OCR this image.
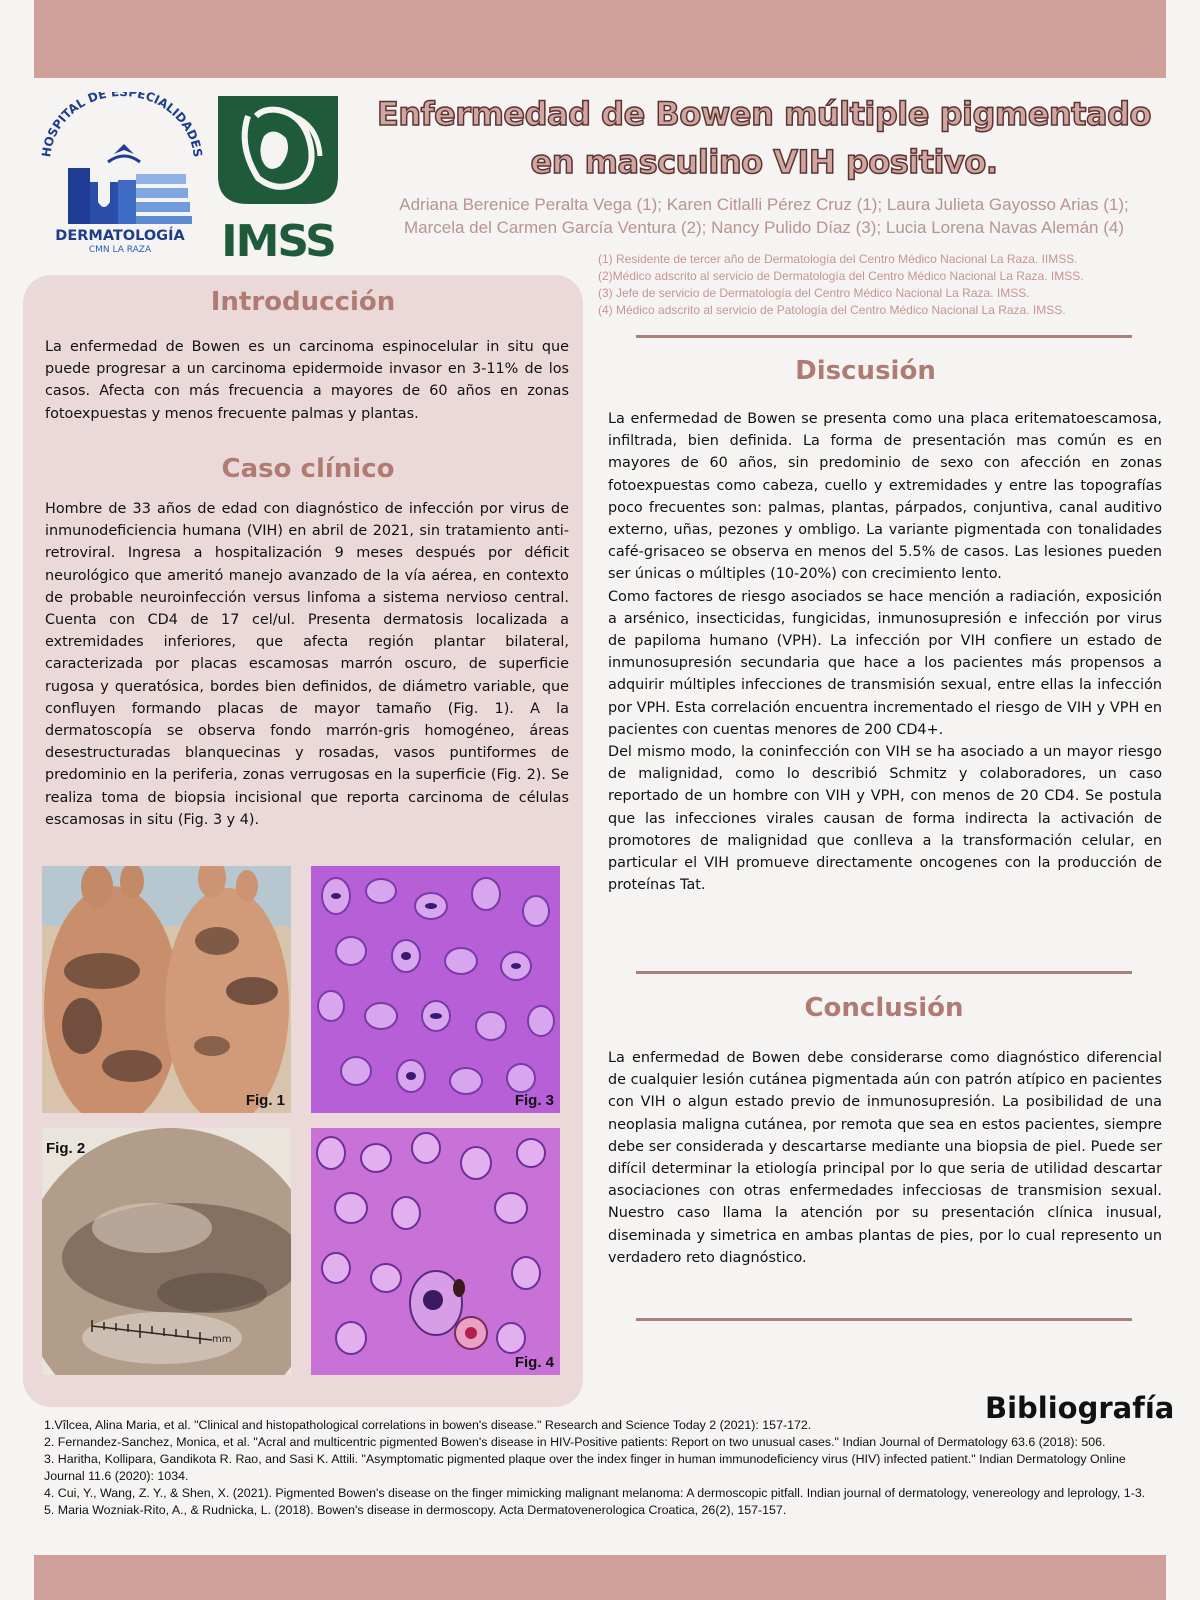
HOSPITAL DE ESPECIALIDADE
DERMATOLOGÍA
CMN LA RAZA IMSS
Enfermedad de Bowen múltiple pigmentado
en masculino VIH positivo.
Adriana Berenice Peralta Vega (1); Karen Citlalli Pérez Cruz (1); Laura Julieta Gayosso Arias (1);
Marcela del Carmen García Ventura (2); Nancy Pulido Díaz (3); Lucia Lorena Navas Alemán (4)
(1) Residente de tercer año de Dermatología del Centro Médico Nacional La Raza. IIMSS.
(2)Médico adscrito al servicio de Dermatología del Centro Médico Nacional La Raza. IMSS.
(3) Jefe de servicio de Dermatología del Centro Médico Nacional La Raza. IMSS.
(4) Médico adscrito al servicio de Patología del Centro Médico Nacional La Raza. IMSS.
Introducción

La enfermedad de Bowen es un carcinoma espinocelular in situ que puede progresar a un carcinoma epidermoide invasor en 3-11% de los casos. Afecta con más frecuencia a mayores de 60 años en zonas fotoexpuestas y menos frecuente palmas y plantas.

Caso clínico

Hombre de 33 años de edad con diagnóstico de infección por virus de inmunodeficiencia humana (VIH) en abril de 2021, sin tratamiento anti-retroviral. Ingresa a hospitalización 9 meses después por déficit neurológico que ameritó manejo avanzado de la vía aérea, en contexto de probable neuroinfección versus linfoma a sistema nervioso central. Cuenta con CD4 de 17 cel/ul. Presenta dermatosis localizada a extremidades inferiores, que afecta región plantar bilateral, caracterizada por placas escamosas marrón oscuro, de superficie rugosa y queratósica, bordes bien definidos, de diámetro variable, que confluyen formando placas de mayor tamaño (Fig. 1). A la dermatoscopía se observa fondo marrón-gris homogéneo, áreas desestructuradas blanquecinas y rosadas, vasos puntiformes de predominio en la periferia, zonas verrugosas en la superficie (Fig. 2). Se realiza toma de biopsia incisional que reporta carcinoma de células escamosas in situ (Fig. 3 y 4).

Fig. 1	Fig. 3
mm
Fig. 2
Fig. 4
Discusión
La enfermedad de Bowen se presenta como una placa eritematoescamosa, infiltrada, bien definida. La forma de presentación mas común es en mayores de 60 años, sin predominio de sexo con afección en zonas fotoexpuestas como cabeza, cuello y extremidades y entre las topografías poco frecuentes son: palmas, plantas, párpados, conjuntiva, canal auditivo externo, uñas, pezones y ombligo. La variante pigmentada con tonalidades café-grisaceo se observa en menos del 5.5% de casos. Las lesiones pueden ser únicas o múltiples (10-20%) con crecimiento lento.
Como factores de riesgo asociados se hace mención a radiación, exposición a arsénico, insecticidas, fungicidas, inmunosupresión e infección por virus de papiloma humano (VPH). La infección por VIH confiere un estado de inmunosupresión secundaria que hace a los pacientes más propensos a adquirir múltiples infecciones de transmisión sexual, entre ellas la infección por VPH. Esta correlación encuentra incrementado el riesgo de VIH y VPH en pacientes con cuentas menores de 200 CD4+.
Del mismo modo, la coninfección con VIH se ha asociado a un mayor riesgo de malignidad, como lo describió Schmitz y colaboradores, un caso reportado de un hombre con VIH y VPH, con menos de 20 CD4. Se postula que las infecciones virales causan de forma indirecta la activación de promotores de malignidad que conlleva a la transformación celular, en particular el VIH promueve directamente oncogenes con la producción de proteínas Tat.
Conclusión

La enfermedad de Bowen debe considerarse como diagnóstico diferencial de cualquier lesión cutánea pigmentada aún con patrón atípico en pacientes con VIH o algun estado previo de inmunosupresión. La posibilidad de una neoplasia maligna cutánea, por remota que sea en estos pacientes, siempre debe ser considerada y descartarse mediante una biopsia de piel. Puede ser difícil determinar la etiología principal por lo que seria de utilidad descartar asociaciones con otras enfermedades infecciosas de transmision sexual. Nuestro caso llama la atención por su presentación clínica inusual, diseminada y simetrica en ambas plantas de pies, por lo cual represento un verdadero reto diagnóstico.

Bibliografía
1.Vîlcea, Alina Maria, et al. "Clinical and histopathological correlations in bowen's disease." Research and Science Today 2 (2021): 157-172.
2. Fernandez-Sanchez, Monica, et al. "Acral and multicentric pigmented Bowen's disease in HIV-Positive patients: Report on two unusual cases." Indian Journal of Dermatology 63.6 (2018): 506.
3. Haritha, Kollipara, Gandikota R. Rao, and Sasi K. Attili. "Asymptomatic pigmented plaque over the index finger in human immunodeficiency virus (HIV) infected patient." Indian Dermatology Online Journal 11.6 (2020): 1034.
4. Cui, Y., Wang, Z. Y., & Shen, X. (2021). Pigmented Bowen's disease on the finger mimicking malignant melanoma: A dermoscopic pitfall. Indian journal of dermatology, venereology and leprology, 1-3.
5. Maria Wozniak-Rito, A., & Rudnicka, L. (2018). Bowen's disease in dermoscopy. Acta Dermatovenerologica Croatica, 26(2), 157-157.
